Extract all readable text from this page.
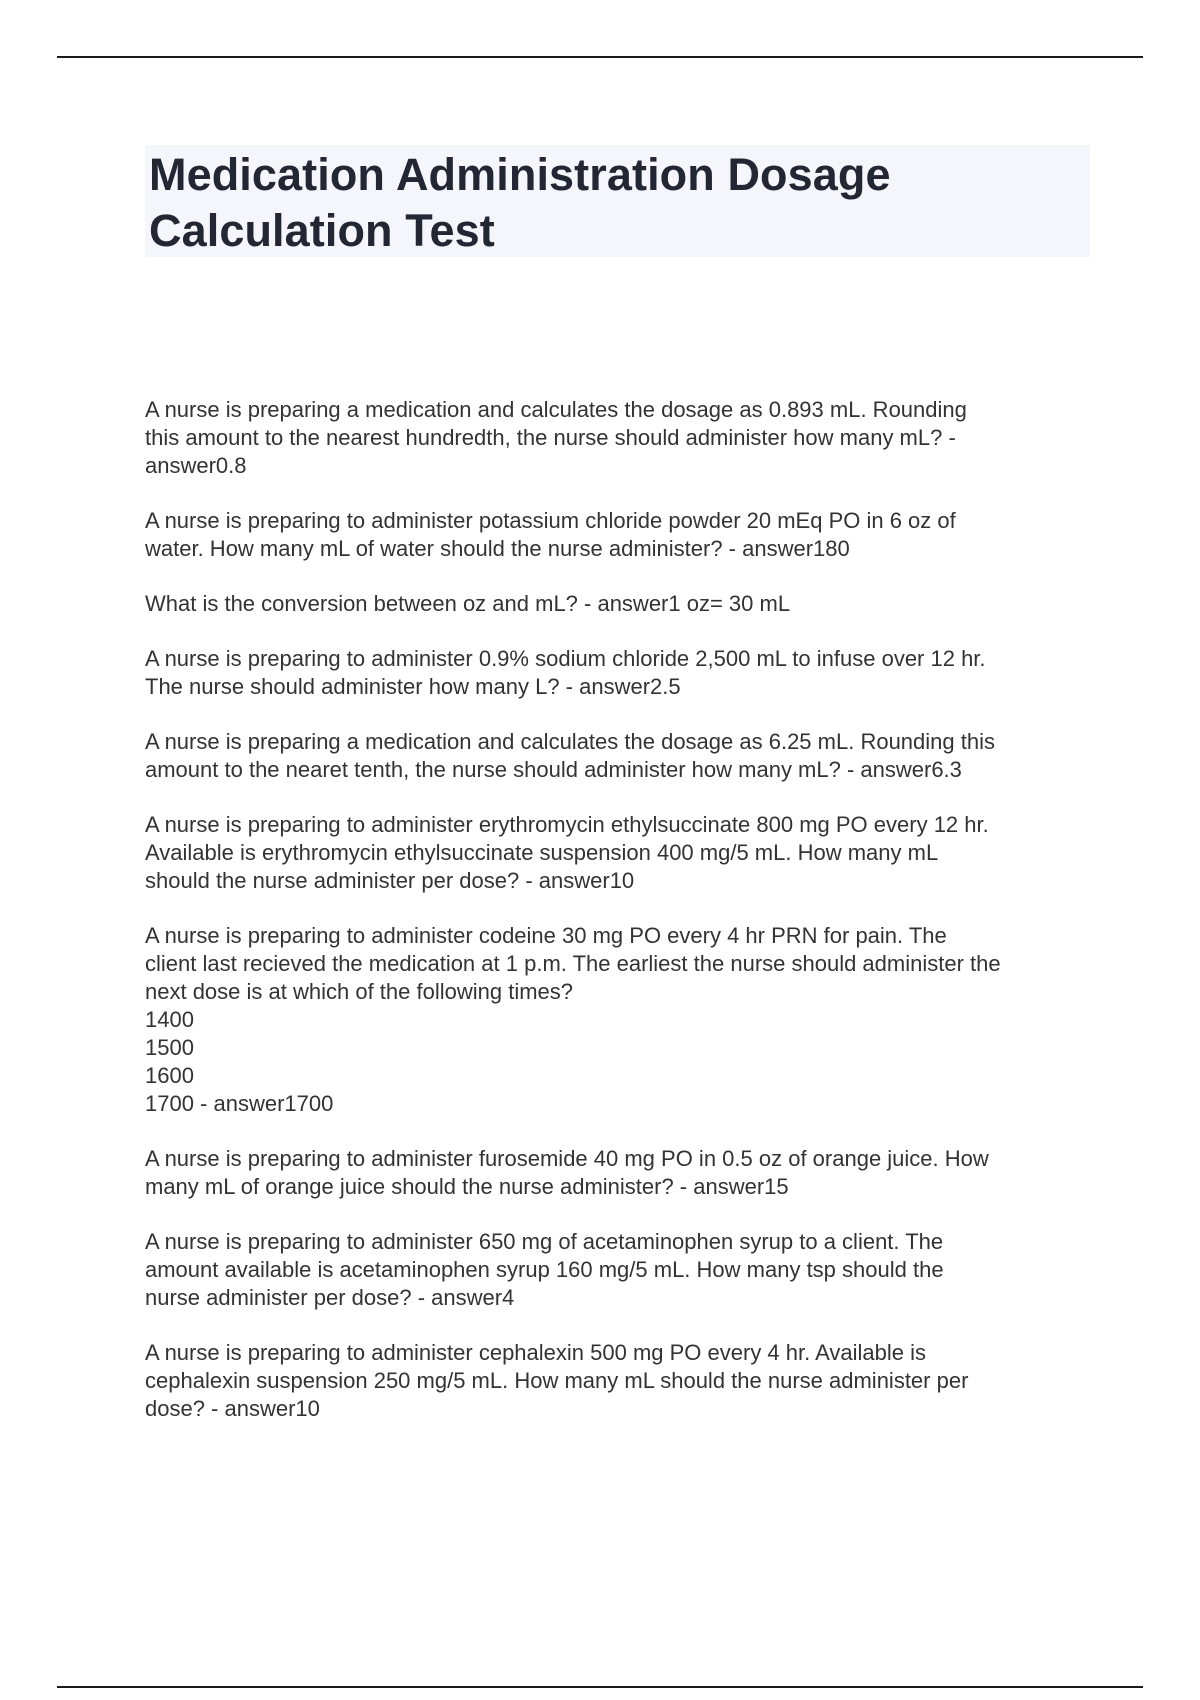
Medication Administration Dosage
Calculation Test

A nurse is preparing a medication and calculates the dosage as 0.893 mL. Rounding
this amount to the nearest hundredth, the nurse should administer how many mL? -
answer0.8

A nurse is preparing to administer potassium chloride powder 20 mEq PO in 6 oz of
water. How many mL of water should the nurse administer? - answer180

What is the conversion between oz and mL? - answer1 oz= 30 mL

A nurse is preparing to administer 0.9% sodium chloride 2,500 mL to infuse over 12 hr.
The nurse should administer how many L? - answer2.5

A nurse is preparing a medication and calculates the dosage as 6.25 mL. Rounding this
amount to the nearet tenth, the nurse should administer how many mL? - answer6.3

A nurse is preparing to administer erythromycin ethylsuccinate 800 mg PO every 12 hr.
Available is erythromycin ethylsuccinate suspension 400 mg/5 mL. How many mL
should the nurse administer per dose? - answer10

A nurse is preparing to administer codeine 30 mg PO every 4 hr PRN for pain. The
client last recieved the medication at 1 p.m. The earliest the nurse should administer the
next dose is at which of the following times?
1400
1500
1600
1700 - answer1700

A nurse is preparing to administer furosemide 40 mg PO in 0.5 oz of orange juice. How
many mL of orange juice should the nurse administer? - answer15

A nurse is preparing to administer 650 mg of acetaminophen syrup to a client. The
amount available is acetaminophen syrup 160 mg/5 mL. How many tsp should the
nurse administer per dose? - answer4

A nurse is preparing to administer cephalexin 500 mg PO every 4 hr. Available is
cephalexin suspension 250 mg/5 mL. How many mL should the nurse administer per
dose? - answer10
